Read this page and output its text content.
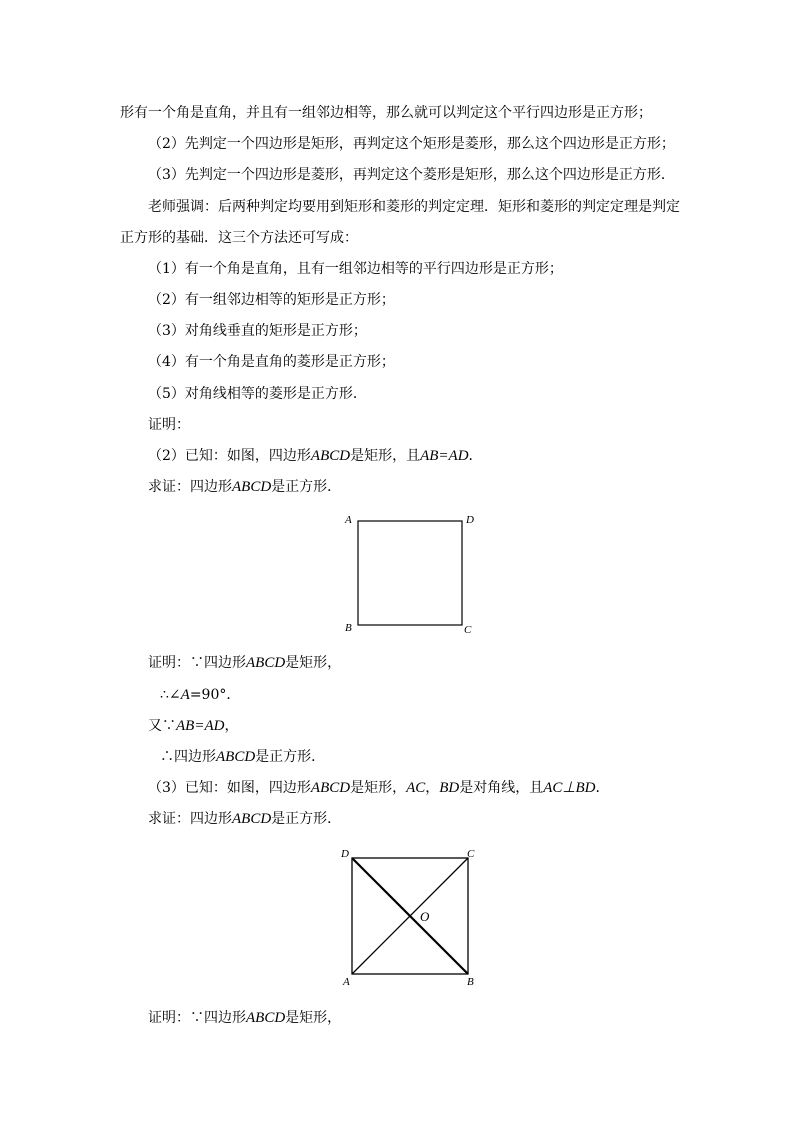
形有一个角是直角，并且有一组邻边相等，那么就可以判定这个平行四边形是正方形；
（2）先判定一个四边形是矩形，再判定这个矩形是菱形，那么这个四边形是正方形；
（3）先判定一个四边形是菱形，再判定这个菱形是矩形，那么这个四边形是正方形．
老师强调：后两种判定均要用到矩形和菱形的判定定理．矩形和菱形的判定定理是判定
正方形的基础．这三个方法还可写成：
（1）有一个角是直角，且有一组邻边相等的平行四边形是正方形；
（2）有一组邻边相等的矩形是正方形；
（3）对角线垂直的矩形是正方形；
（4）有一个角是直角的菱形是正方形；
（5）对角线相等的菱形是正方形．
证明：
（2）已知：如图，四边形ABCD是矩形，且AB=AD．
求证：四边形ABCD是正方形．
A	D
B	C
证明：∵四边形ABCD是矩形，
∴∠A=90°．
又∵AB=AD，
∴四边形ABCD是正方形．
（3）已知：如图，四边形ABCD是矩形，AC，BD是对角线，且AC⊥BD．
求证：四边形ABCD是正方形．
D	C
A	B
O
证明：∵四边形ABCD是矩形，
